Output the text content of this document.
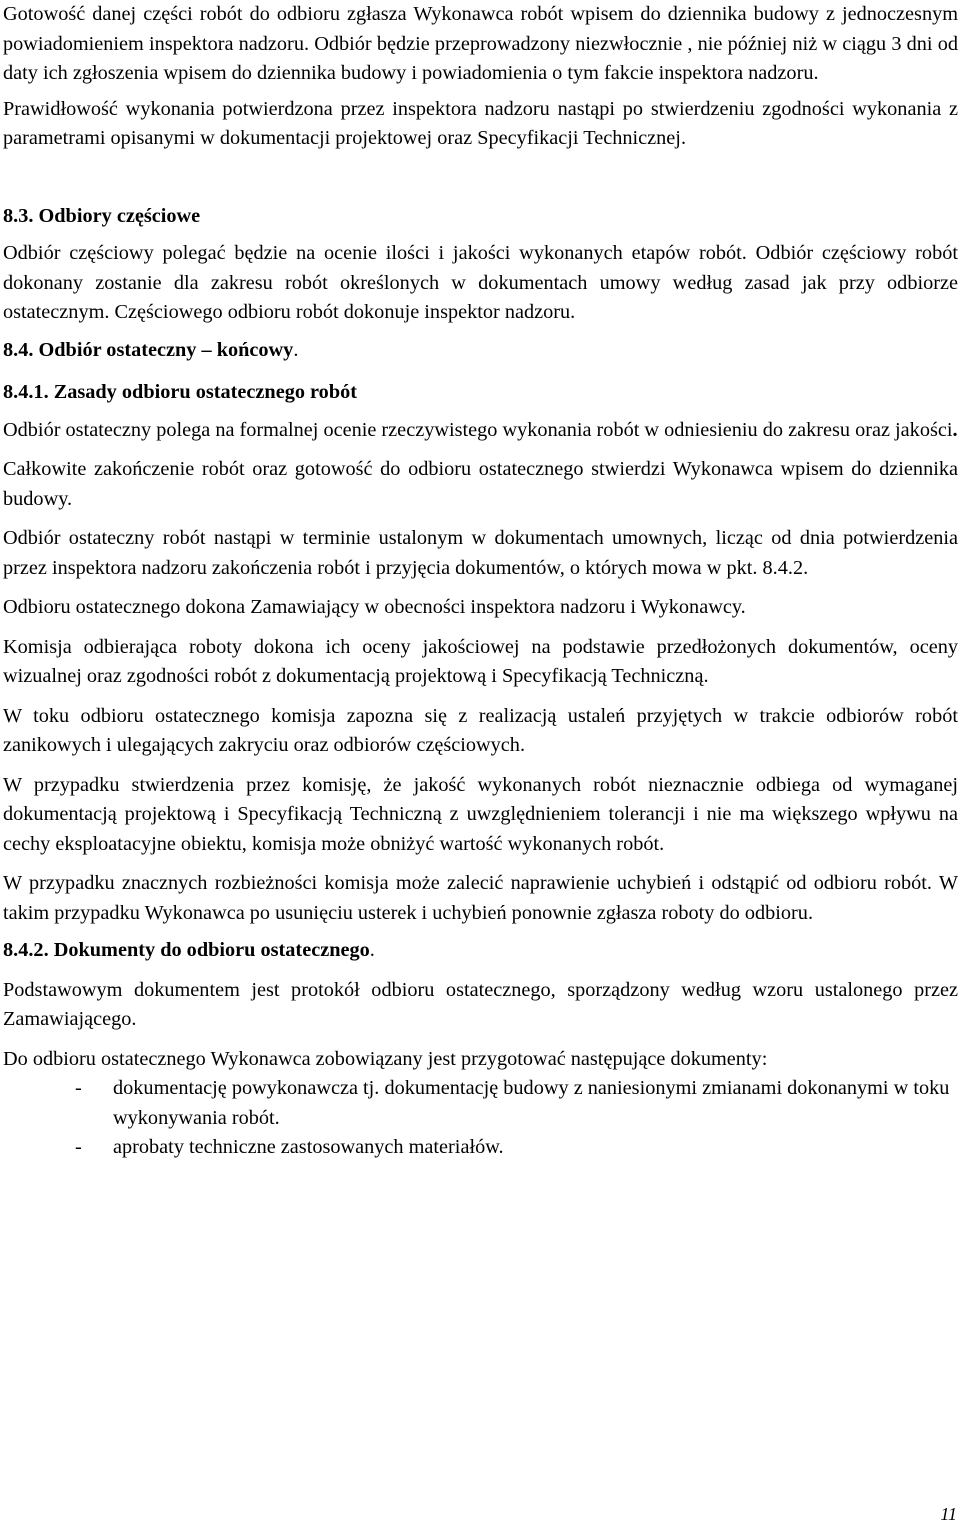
Gotowość danej części robót do odbioru zgłasza Wykonawca robót wpisem do dziennika budowy z jednoczesnym powiadomieniem inspektora nadzoru. Odbiór będzie przeprowadzony niezwłocznie , nie później niż w ciągu 3 dni od daty ich zgłoszenia wpisem do dziennika budowy i powiadomienia o tym fakcie inspektora nadzoru.

Prawidłowość wykonania potwierdzona przez inspektora nadzoru nastąpi po stwierdzeniu zgodności wykonania z parametrami opisanymi w dokumentacji projektowej oraz Specyfikacji Technicznej.

8.3. Odbiory częściowe

Odbiór częściowy polegać będzie na ocenie ilości i jakości wykonanych etapów robót. Odbiór częściowy robót dokonany zostanie dla zakresu robót określonych w dokumentach umowy według zasad jak przy odbiorze ostatecznym. Częściowego odbioru robót dokonuje inspektor nadzoru.

8.4. Odbiór ostateczny – końcowy.

8.4.1. Zasady odbioru ostatecznego robót

Odbiór ostateczny polega na formalnej ocenie rzeczywistego wykonania robót w odniesieniu do zakresu oraz jakości.

Całkowite zakończenie robót oraz gotowość do odbioru ostatecznego stwierdzi Wykonawca wpisem do dziennika budowy.

Odbiór ostateczny robót nastąpi w terminie ustalonym w dokumentach umownych, licząc od dnia potwierdzenia przez inspektora nadzoru zakończenia robót i przyjęcia dokumentów, o których mowa w pkt. 8.4.2.

Odbioru ostatecznego dokona Zamawiający w obecności inspektora nadzoru i Wykonawcy.

Komisja odbierająca roboty dokona ich oceny jakościowej na podstawie przedłożonych dokumentów, oceny wizualnej oraz zgodności robót z dokumentacją projektową i Specyfikacją Techniczną.

W toku odbioru ostatecznego komisja zapozna się z realizacją ustaleń przyjętych w trakcie odbiorów robót zanikowych i ulegających zakryciu oraz odbiorów częściowych.

W przypadku stwierdzenia przez komisję, że jakość wykonanych robót nieznacznie odbiega od wymaganej dokumentacją projektową i Specyfikacją Techniczną z uwzględnieniem tolerancji i nie ma większego wpływu na cechy eksploatacyjne obiektu, komisja może obniżyć wartość wykonanych robót.

W przypadku znacznych rozbieżności komisja może zalecić naprawienie uchybień i odstąpić od odbioru robót. W takim przypadku Wykonawca po usunięciu usterek i uchybień ponownie zgłasza roboty do odbioru.

8.4.2. Dokumenty do odbioru ostatecznego.

Podstawowym dokumentem jest protokół odbioru ostatecznego, sporządzony według wzoru ustalonego przez Zamawiającego.

Do odbioru ostatecznego Wykonawca zobowiązany jest przygotować następujące dokumenty:

- dokumentację powykonawcza tj. dokumentację budowy z naniesionymi zmianami dokonanymi w toku wykonywania robót.

- aprobaty techniczne zastosowanych materiałów.

11
